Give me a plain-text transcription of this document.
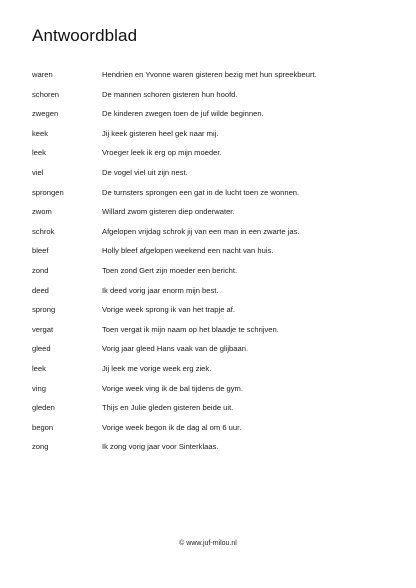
Antwoordblad
waren	Hendrien en Yvonne waren gisteren bezig met hun spreekbeurt.
schoren	De mannen schoren gisteren hun hoofd.
zwegen	De kinderen zwegen toen de juf wilde beginnen.
keek	Jij keek gisteren heel gek naar mij.
leek	Vroeger leek ik erg op mijn moeder.
viel	De vogel viel uit zijn nest.
sprongen	De turnsters sprongen een gat in de lucht toen ze wonnen.
zwom	Willard zwom gisteren diep onderwater.
schrok	Afgelopen vrijdag schrok jij van een man in een zwarte jas.
bleef	Holly bleef afgelopen weekend een nacht van huis.
zond	Toen zond Gert zijn moeder een bericht.
deed	Ik deed vorig jaar enorm mijn best.
sprong	Vorige week sprong ik van het trapje af.
vergat	Toen vergat ik mijn naam op het blaadje te schrijven.
gleed	Vorig jaar gleed Hans vaak van de glijbaan.
leek	Jij leek me vorige week erg ziek.
ving	Vorige week ving ik de bal tijdens de gym.
gleden	Thijs en Julie gleden gisteren beide uit.
begon	Vorige week begon ik de dag al om 6 uur.
zong	Ik zong vorig jaar voor Sinterklaas.
© www.juf-milou.nl
